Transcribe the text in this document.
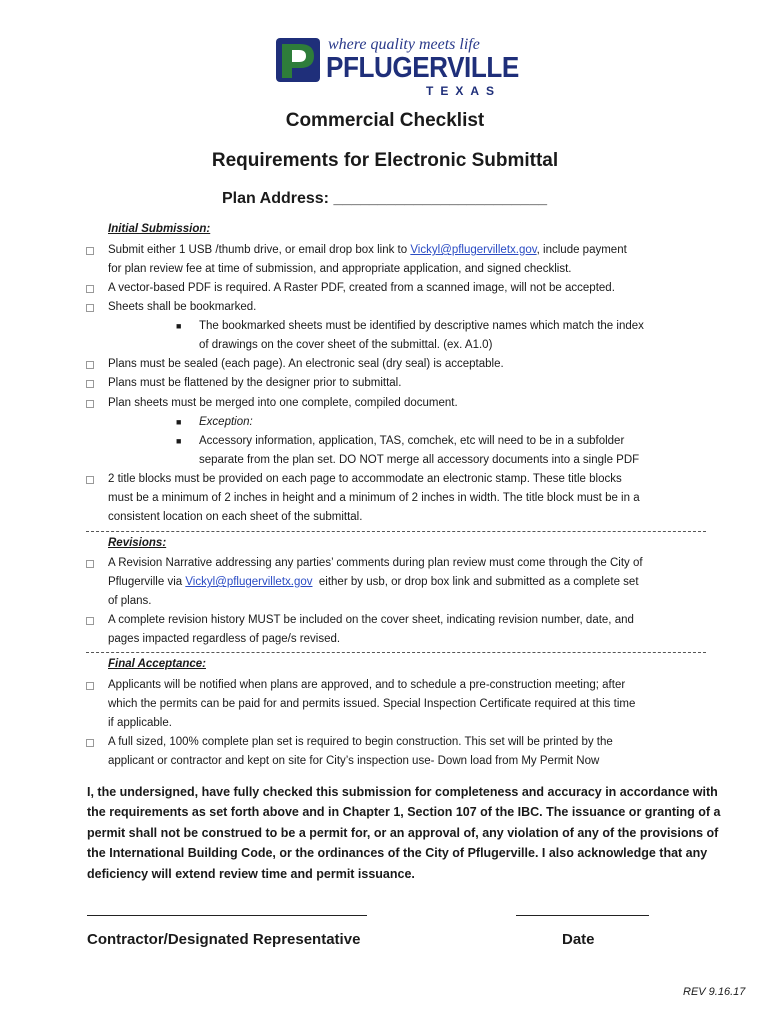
where quality meets life
PFLUGERVILLE
TEXAS
Commercial Checklist
Requirements for Electronic Submittal
Plan Address: ________________________
Initial Submission:
Submit either 1 USB /thumb drive, or email drop box link to Vickyl@pflugervilletx.gov, include payment
for plan review fee at time of submission, and appropriate application, and signed checklist.
A vector-based PDF is required. A Raster PDF, created from a scanned image, will not be accepted.
Sheets shall be bookmarked.
■ The bookmarked sheets must be identified by descriptive names which match the index
of drawings on the cover sheet of the submittal. (ex. A1.0)
Plans must be sealed (each page). An electronic seal (dry seal) is acceptable.
Plans must be flattened by the designer prior to submittal.
Plan sheets must be merged into one complete, compiled document.
■ Exception:
■ Accessory information, application, TAS, comchek, etc will need to be in a subfolder
separate from the plan set. DO NOT merge all accessory documents into a single PDF
2 title blocks must be provided on each page to accommodate an electronic stamp. These title blocks
must be a minimum of 2 inches in height and a minimum of 2 inches in width. The title block must be in a
consistent location on each sheet of the submittal.
Revisions:
A Revision Narrative addressing any parties’ comments during plan review must come through the City of
Pflugerville via Vickyl@pflugervilletx.gov  either by usb, or drop box link and submitted as a complete set
of plans.
A complete revision history MUST be included on the cover sheet, indicating revision number, date, and
pages impacted regardless of page/s revised.
Final Acceptance:
Applicants will be notified when plans are approved, and to schedule a pre-construction meeting; after
which the permits can be paid for and permits issued. Special Inspection Certificate required at this time
if applicable.
A full sized, 100% complete plan set is required to begin construction. This set will be printed by the
applicant or contractor and kept on site for City’s inspection use- Down load from My Permit Now
I, the undersigned, have fully checked this submission for completeness and accuracy in accordance with the requirements as set forth above and in Chapter 1, Section 107 of the IBC. The issuance or granting of a permit shall not be construed to be a permit for, or an approval of, any violation of any of the provisions of the International Building Code, or the ordinances of the City of Pflugerville. I also acknowledge that any deficiency will extend review time and permit issuance.
Contractor/Designated Representative	Date
REV 9.16.17
